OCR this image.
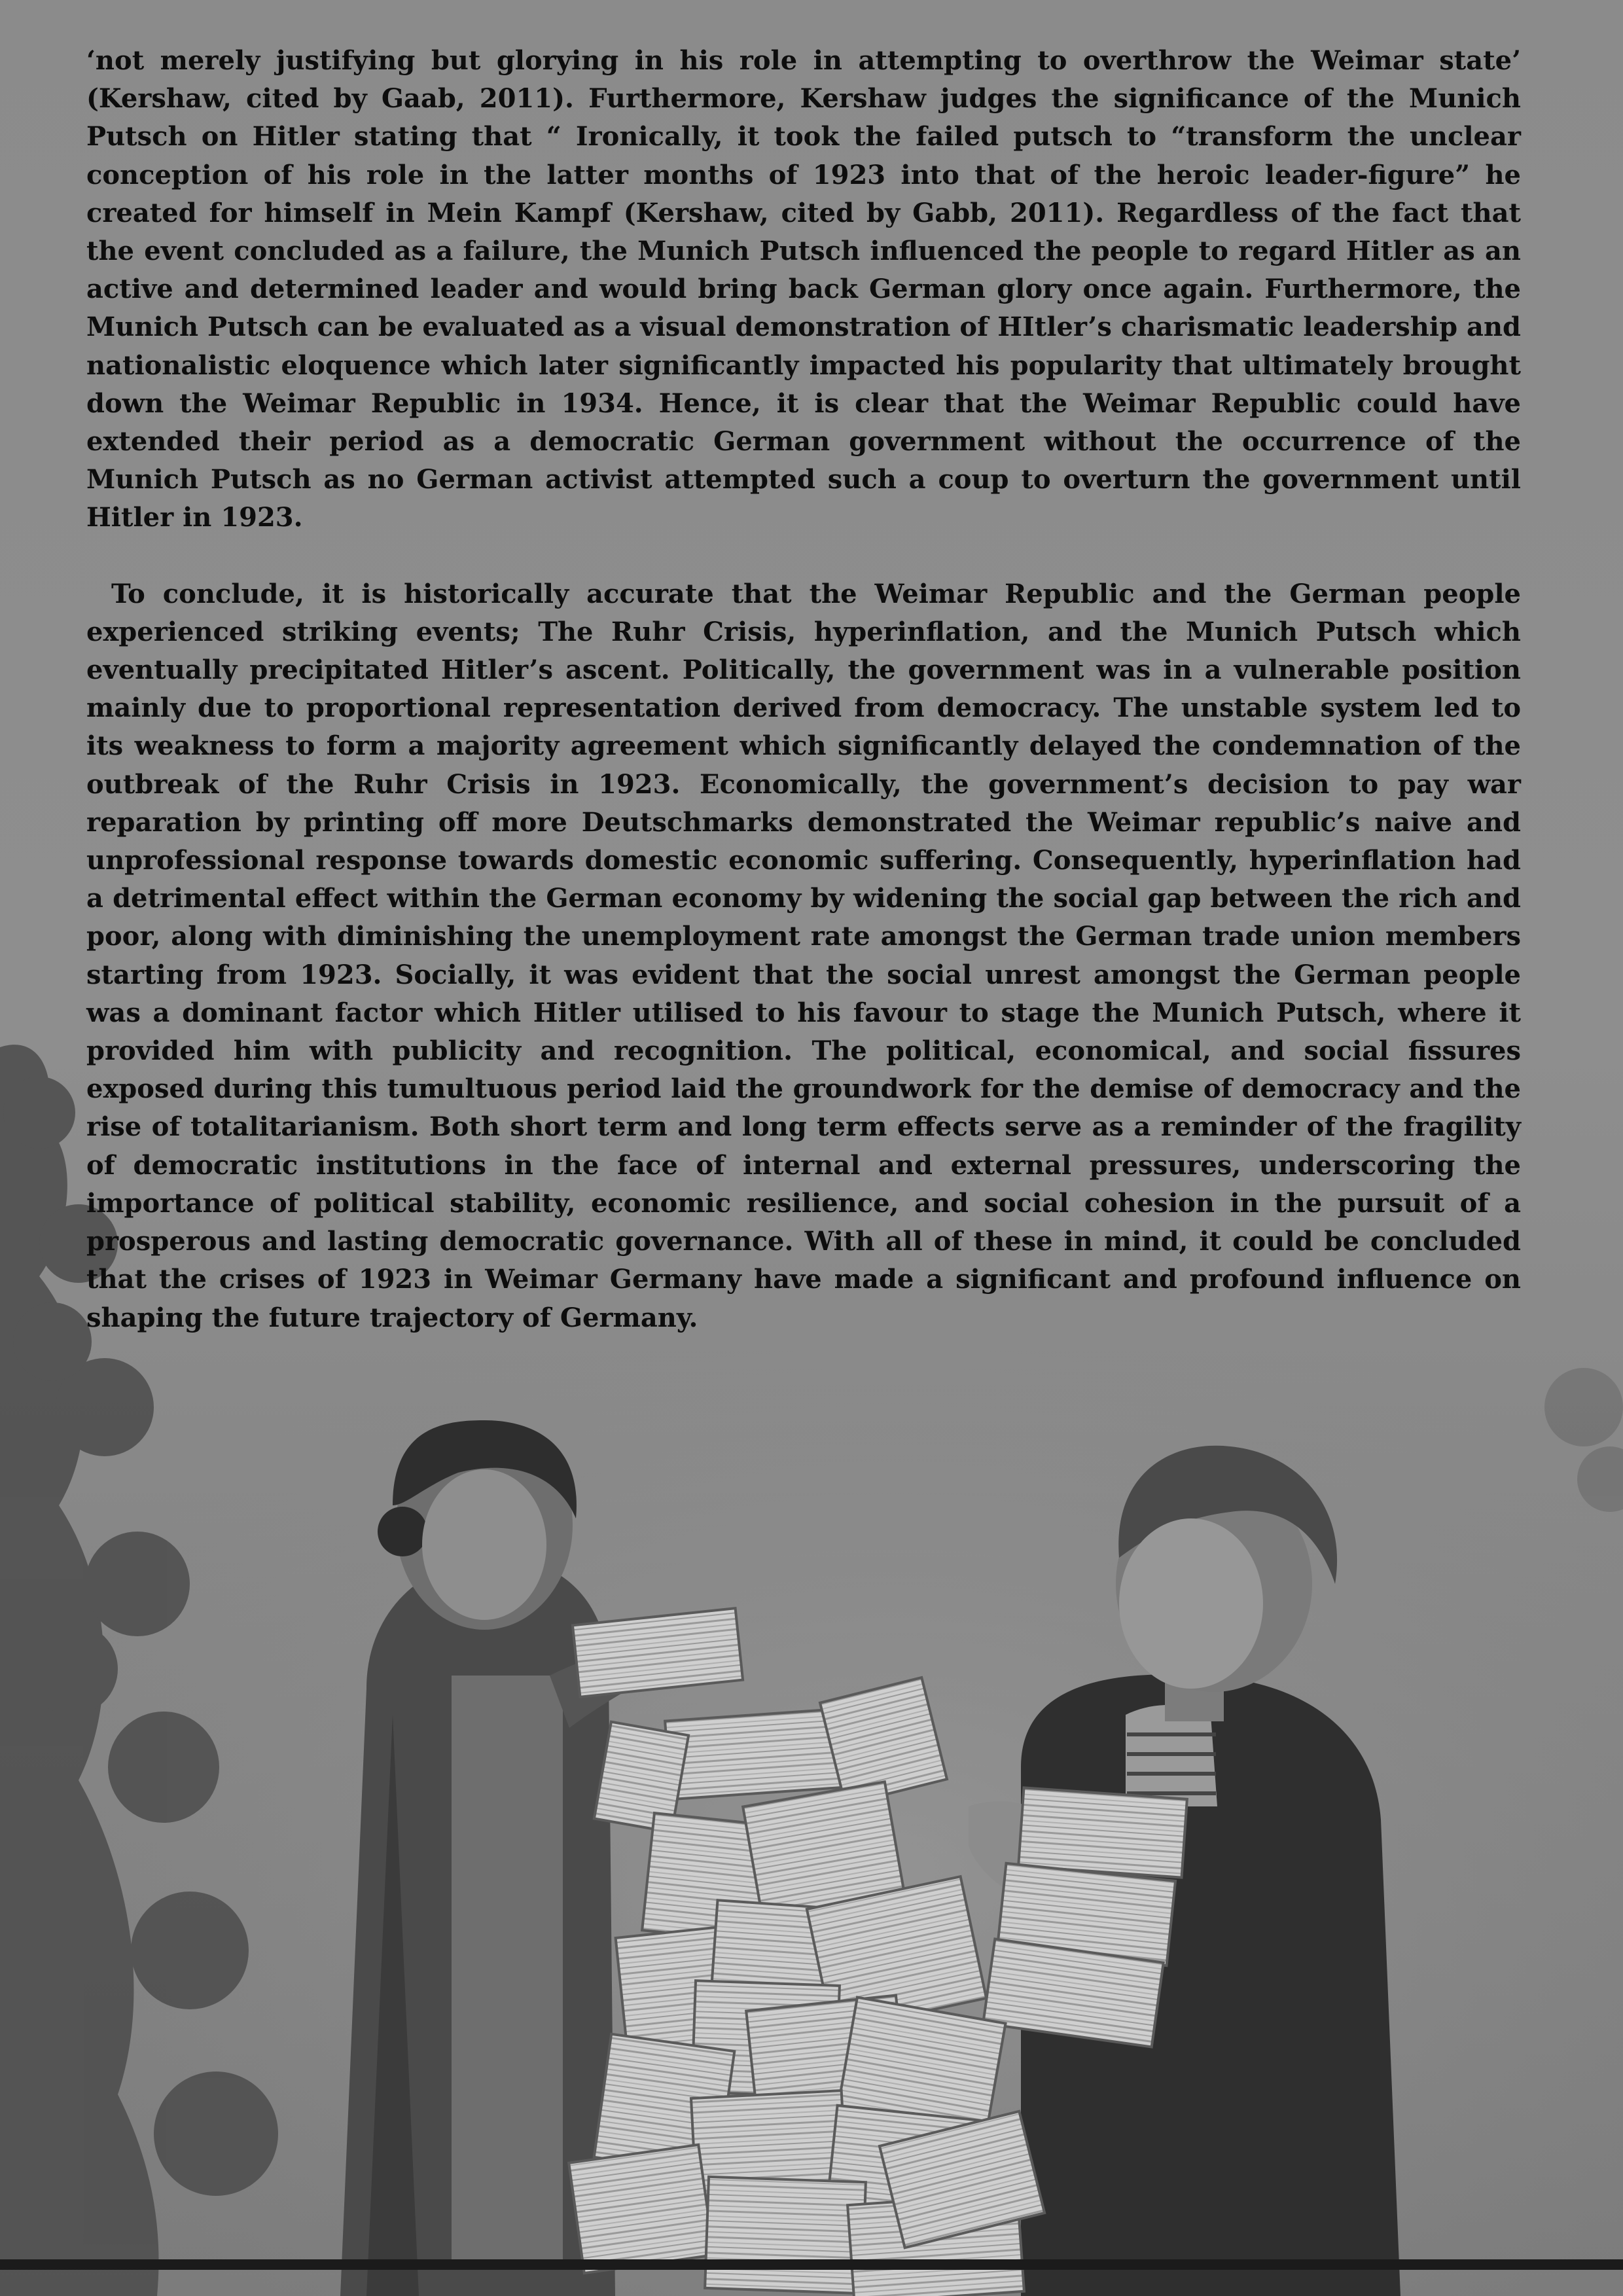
‘not merely justifying but glorying in his role in attempting to overthrow the Weimar state’ (Kershaw, cited by Gaab, 2011). Furthermore, Kershaw judges the significance of the Munich Putsch on Hitler stating that “ Ironically, it took the failed putsch to “transform the unclear conception of his role in the latter months of 1923 into that of the heroic leader-figure” he created for himself in Mein Kampf (Kershaw, cited by Gabb, 2011). Regardless of the fact that the event concluded as a failure, the Munich Putsch influenced the people to regard Hitler as an active and determined leader and would bring back German glory once again. Furthermore, the Munich Putsch can be evaluated as a visual demonstration of HItler’s charismatic leadership and nationalistic eloquence which later significantly impacted his popularity that ultimately brought down the Weimar Republic in 1934. Hence, it is clear that the Weimar Republic could have extended their period as a democratic German government without the occurrence of the Munich Putsch as no German activist attempted such a coup to overturn the government until Hitler in 1923.

To conclude, it is historically accurate that the Weimar Republic and the German people experienced striking events; The Ruhr Crisis, hyperinflation, and the Munich Putsch which eventually precipitated Hitler’s ascent. Politically, the government was in a vulnerable position mainly due to proportional representation derived from democracy. The unstable system led to its weakness to form a majority agreement which significantly delayed the condemnation of the outbreak of the Ruhr Crisis in 1923. Economically, the government’s decision to pay war reparation by printing off more Deutschmarks demonstrated the Weimar republic’s naive and unprofessional response towards domestic economic suffering. Consequently, hyperinflation had a detrimental effect within the German economy by widening the social gap between the rich and poor, along with diminishing the unemployment rate amongst the German trade union members starting from 1923. Socially, it was evident that the social unrest amongst the German people was a dominant factor which Hitler utilised to his favour to stage the Munich Putsch, where it provided him with publicity and recognition. The political, economical, and social fissures exposed during this tumultuous period laid the groundwork for the demise of democracy and the rise of totalitarianism. Both short term and long term effects serve as a reminder of the fragility of democratic institutions in the face of internal and external pressures, underscoring the importance of political stability, economic resilience, and social cohesion in the pursuit of a prosperous and lasting democratic governance. With all of these in mind, it could be concluded that the crises of 1923 in Weimar Germany have made a significant and profound influence on shaping the future trajectory of Germany.
